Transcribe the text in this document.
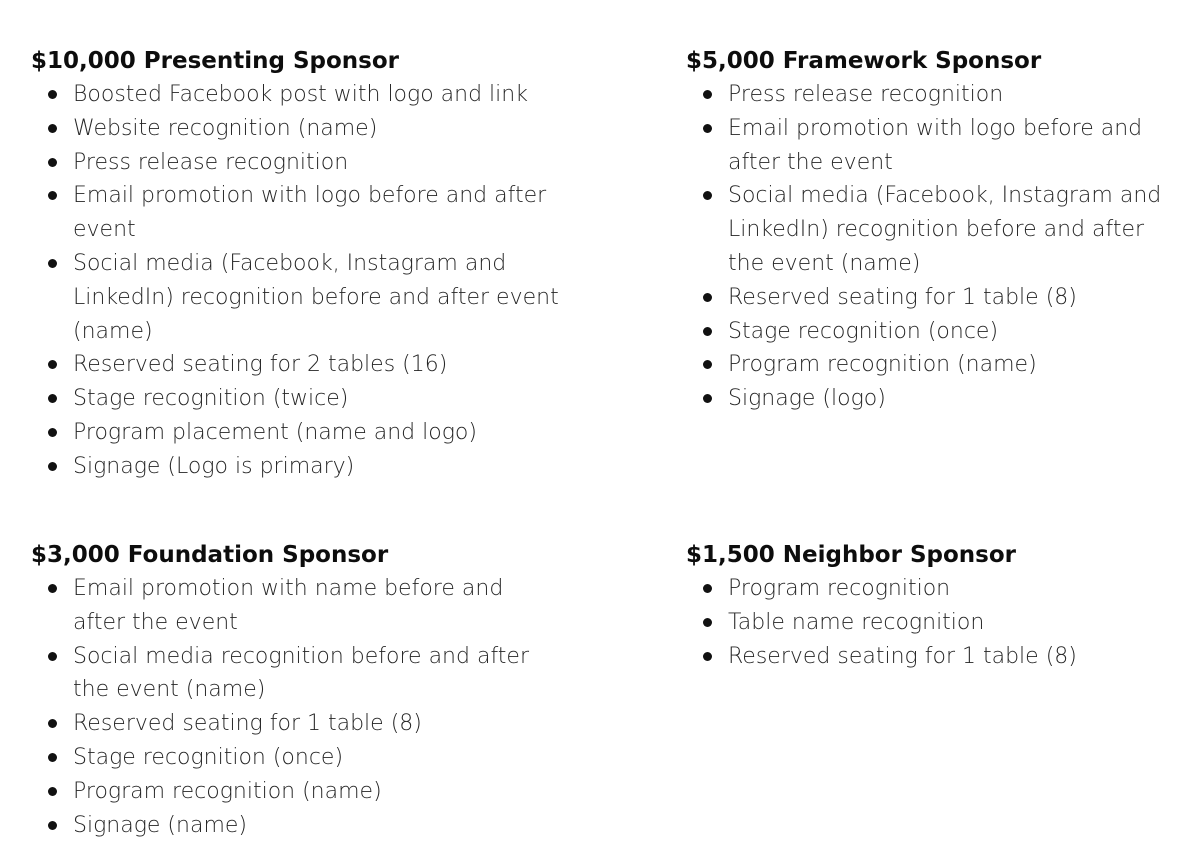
$10,000 Presenting Sponsor
Boosted Facebook post with logo and link
Website recognition (name)
Press release recognition
Email promotion with logo before and after event
Social media (Facebook, Instagram and LinkedIn) recognition before and after event (name)
Reserved seating for 2 tables (16)
Stage recognition (twice)
Program placement (name and logo)
Signage (Logo is primary)
$5,000 Framework Sponsor
Press release recognition
Email promotion with logo before and after the event
Social media (Facebook, Instagram and LinkedIn) recognition before and after the event (name)
Reserved seating for 1 table (8)
Stage recognition (once)
Program recognition (name)
Signage (logo)
$3,000 Foundation Sponsor
Email promotion with name before and after the event
Social media recognition before and after the event (name)
Reserved seating for 1 table (8)
Stage recognition (once)
Program recognition (name)
Signage (name)
$1,500 Neighbor Sponsor
Program recognition
Table name recognition
Reserved seating for 1 table (8)
